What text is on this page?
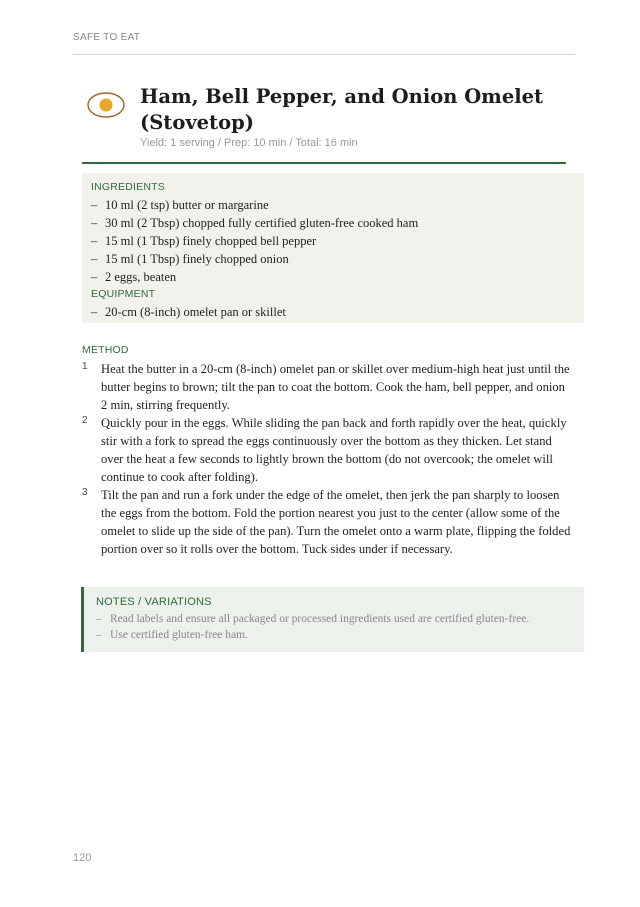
SAFE TO EAT
Ham, Bell Pepper, and Onion Omelet (Stovetop)
Yield: 1 serving / Prep: 10 min / Total: 16 min
INGREDIENTS
– 10 ml (2 tsp) butter or margarine
– 30 ml (2 Tbsp) chopped fully certified gluten-free cooked ham
– 15 ml (1 Tbsp) finely chopped bell pepper
– 15 ml (1 Tbsp) finely chopped onion
– 2 eggs, beaten
EQUIPMENT
– 20-cm (8-inch) omelet pan or skillet
METHOD
1 Heat the butter in a 20-cm (8-inch) omelet pan or skillet over medium-high heat just until the butter begins to brown; tilt the pan to coat the bottom. Cook the ham, bell pepper, and onion 2 min, stirring frequently.
2 Quickly pour in the eggs. While sliding the pan back and forth rapidly over the heat, quickly stir with a fork to spread the eggs continuously over the bottom as they thicken. Let stand over the heat a few seconds to lightly brown the bottom (do not overcook; the omelet will continue to cook after folding).
3 Tilt the pan and run a fork under the edge of the omelet, then jerk the pan sharply to loosen the eggs from the bottom. Fold the portion nearest you just to the center (allow some of the omelet to slide up the side of the pan). Turn the omelet onto a warm plate, flipping the folded portion over so it rolls over the bottom. Tuck sides under if necessary.
NOTES / VARIATIONS
– Read labels and ensure all packaged or processed ingredients used are certified gluten-free.
– Use certified gluten-free ham.
120
